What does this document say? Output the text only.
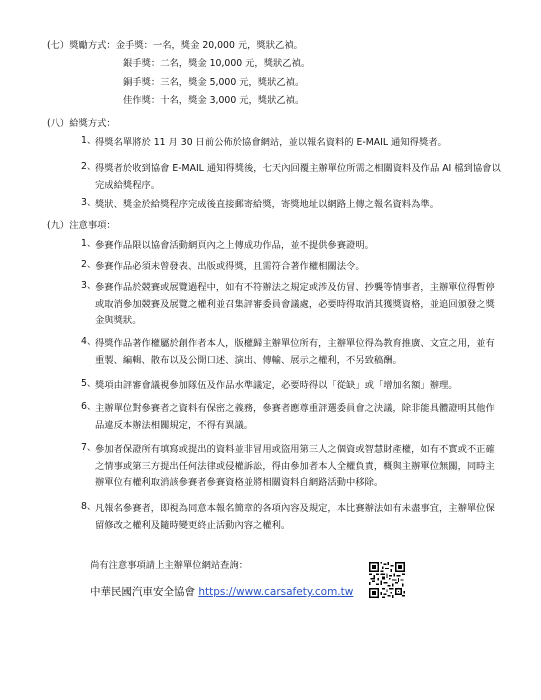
(七）獎勵方式：金手獎：一名，獎金 20,000 元，獎狀乙禎。
銀手獎：二名，獎金 10,000 元，獎狀乙禎。
銅手獎：三名，獎金 5,000 元，獎狀乙禎。
佳作獎：十名，獎金 3,000 元，獎狀乙禎。
(八）給獎方式：
1、
得獎名單將於 11 月 30 日前公佈於協會網站，並以報名資料的 E-MAIL 通知得獎者。
2、
得獎者於收到協會 E-MAIL 通知得獎後，七天內回覆主辦單位所需之相關資料及作品 AI 檔到協會以完成給獎程序。
3、
獎狀、獎金於給獎程序完成後直接郵寄給獎，寄獎地址以網路上傳之報名資料為準。
(九）注意事項：
1、
參賽作品限以協會活動網頁內之上傳成功作品，並不提供參賽證明。
2、
參賽作品必須未曾發表、出版或得獎，且需符合著作權相關法令。
3、
參賽作品於競賽或展覽過程中，如有不符辦法之規定或涉及仿冒、抄襲等情事者，主辦單位得暫停或取消參加競賽及展覽之權利並召集評審委員會議處，必要時得取消其獲獎資格，並追回頒發之獎金與獎狀。
4、
得獎作品著作權屬於創作者本人，版權歸主辦單位所有，主辦單位得為教育推廣、文宣之用，並有重製、編輯、散布以及公開口述、演出、傳輸、展示之權利，不另致稿酬。
5、
獎項由評審會議視參加隊伍及作品水準議定，必要時得以「從缺」或「增加名額」辦理。
6、
主辦單位對參賽者之資料有保密之義務，參賽者應尊重評選委員會之決議，除非能具體證明其他作品違反本辦法相關規定，不得有異議。
7、
參加者保證所有填寫或提出的資料並非冒用或盜用第三人之個資或智慧財產權，如有不實或不正確之情事或第三方提出任何法律或侵權訴訟，得由參加者本人全權負責，概與主辦單位無關，同時主辦單位有權利取消該參賽者參賽資格並將相關資料自網路活動中移除。
8、
凡報名參賽者，即視為同意本報名簡章的各項內容及規定，本比賽辦法如有未盡事宜，主辦單位保留修改之權利及隨時變更終止活動內容之權利。
尚有注意事項請上主辦單位網站查詢：
中華民國汽車安全協會 https://www.carsafety.com.tw
